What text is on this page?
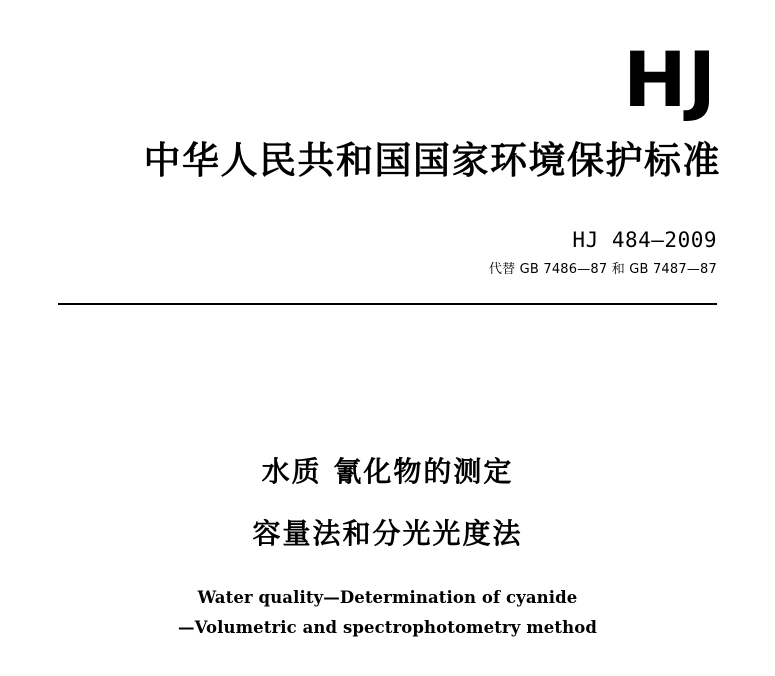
HJ
中华人民共和国国家环境保护标准
HJ 484—2009
代替 GB 7486—87 和 GB 7487—87
水质 氰化物的测定
容量法和分光光度法
Water quality—Determination of cyanide
—Volumetric and spectrophotometry method
